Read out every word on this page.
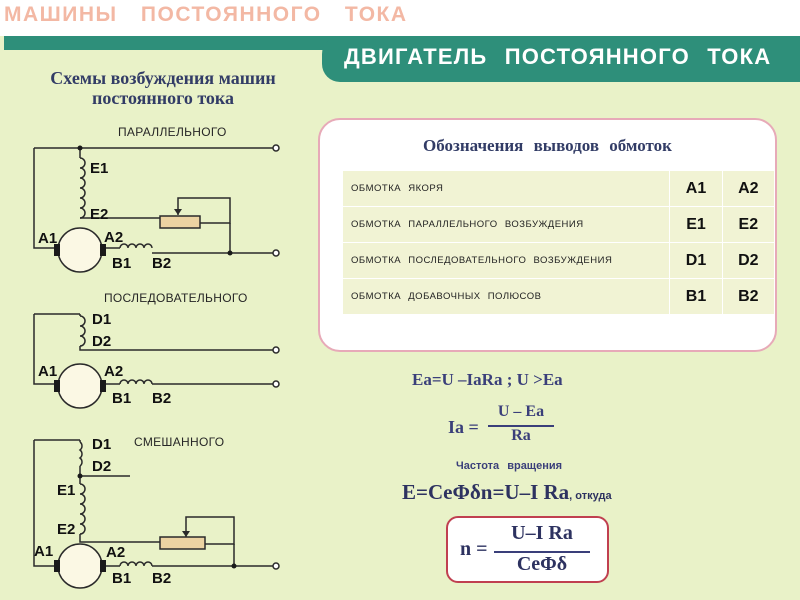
МАШИНЫ ПОСТОЯННОГО ТОКА
ДВИГАТЕЛЬ ПОСТОЯННОГО ТОКА
Схемы возбуждения машин
постоянного тока
ПАРАЛЛЕЛЬНОГО
E1
E2
A1	A2
B1 B2
ПОСЛЕДОВАТЕЛЬНОГО
D1
D2
A1	A2
B1 B2
СМЕШАННОГО
D1
D2
E1
E2
A1	A2
B1 B2
Обозначения выводов обмоток
ОБМОТКА ЯКОРЯ	A1	A2
ОБМОТКА ПАРАЛЛЕЛЬНОГО ВОЗБУЖДЕНИЯ	E1	E2
ОБМОТКА ПОСЛЕДОВАТЕЛЬНОГО ВОЗБУЖДЕНИЯ	D1	D2
ОБМОТКА ДОБАВОЧНЫХ ПОЛЮСОВ	B1	B2
Eа=U –IаRа ; U >Eа
Iа =
U – Eа
Rа
Частота вращения
E=CеΦδn=U–I Rа, откуда
n =
U–I Rа
CеΦδ
